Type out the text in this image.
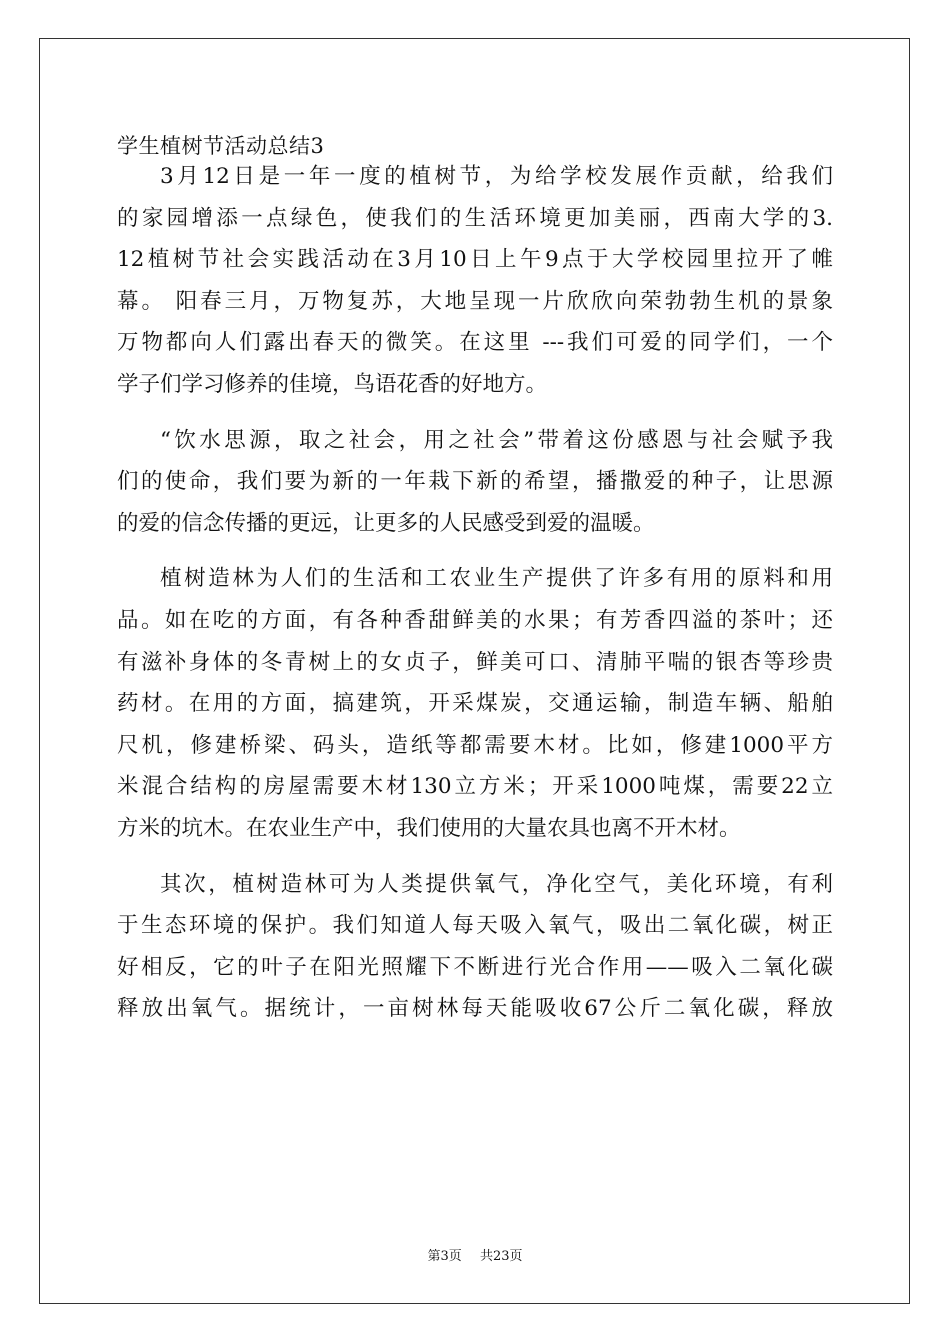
学生植树节活动总结3
3月12日是一年一度的植树节，为给学校发展作贡献，给我们
的家园增添一点绿色，使我们的生活环境更加美丽，西南大学的3.
12植树节社会实践活动在3月10日上午9点于大学校园里拉开了帷
幕。 阳春三月，万物复苏，大地呈现一片欣欣向荣勃勃生机的景象
万物都向人们露出春天的微笑。在这里 ---我们可爱的同学们，一个
学子们学习修养的佳境，鸟语花香的好地方。
“饮水思源，取之社会，用之社会”带着这份感恩与社会赋予我
们的使命，我们要为新的一年栽下新的希望，播撒爱的种子，让思源
的爱的信念传播的更远，让更多的人民感受到爱的温暖。
植树造林为人们的生活和工农业生产提供了许多有用的原料和用
品。如在吃的方面，有各种香甜鲜美的水果；有芳香四溢的茶叶；还
有滋补身体的冬青树上的女贞子，鲜美可口、清肺平喘的银杏等珍贵
药材。在用的方面，搞建筑，开采煤炭，交通运输，制造车辆、船舶
尺机，修建桥梁、码头，造纸等都需要木材。比如，修建1000平方
米混合结构的房屋需要木材130立方米；开采1000吨煤，需要22立
方米的坑木。在农业生产中，我们使用的大量农具也离不开木材。
其次，植树造林可为人类提供氧气，净化空气，美化环境，有利
于生态环境的保护。我们知道人每天吸入氧气，吸出二氧化碳，树正
好相反，它的叶子在阳光照耀下不断进行光合作用——吸入二氧化碳
释放出氧气。据统计，一亩树林每天能吸收67公斤二氧化碳，释放
第3页 共23页
